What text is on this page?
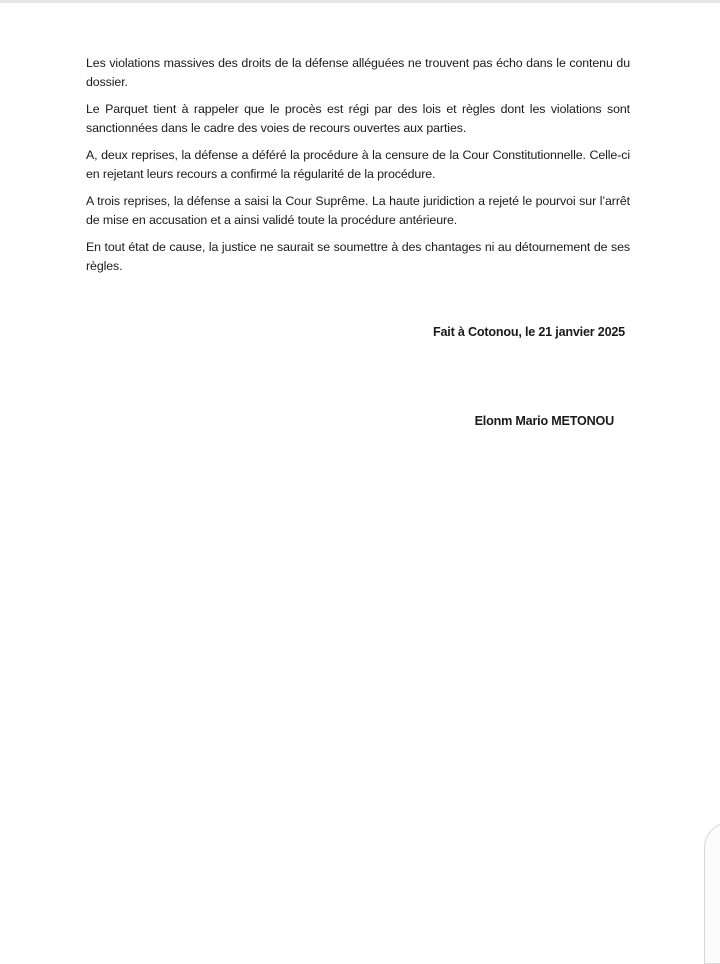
Les violations massives des droits de la défense alléguées ne trouvent pas écho dans le contenu du dossier.

Le Parquet tient à rappeler que le procès est régi par des lois et règles dont les violations sont sanctionnées dans le cadre des voies de recours ouvertes aux parties.

A, deux reprises, la défense a déféré la procédure à la censure de la Cour Constitutionnelle. Celle-ci en rejetant leurs recours a confirmé la régularité de la procédure.

A trois reprises, la défense a saisi la Cour Suprême. La haute juridiction a rejeté le pourvoi sur l’arrêt de mise en accusation et a ainsi validé toute la procédure antérieure.

En tout état de cause, la justice ne saurait se soumettre à des chantages ni au détournement de ses règles.

Fait à Cotonou, le 21 janvier 2025
Elonm Mario METONOU
